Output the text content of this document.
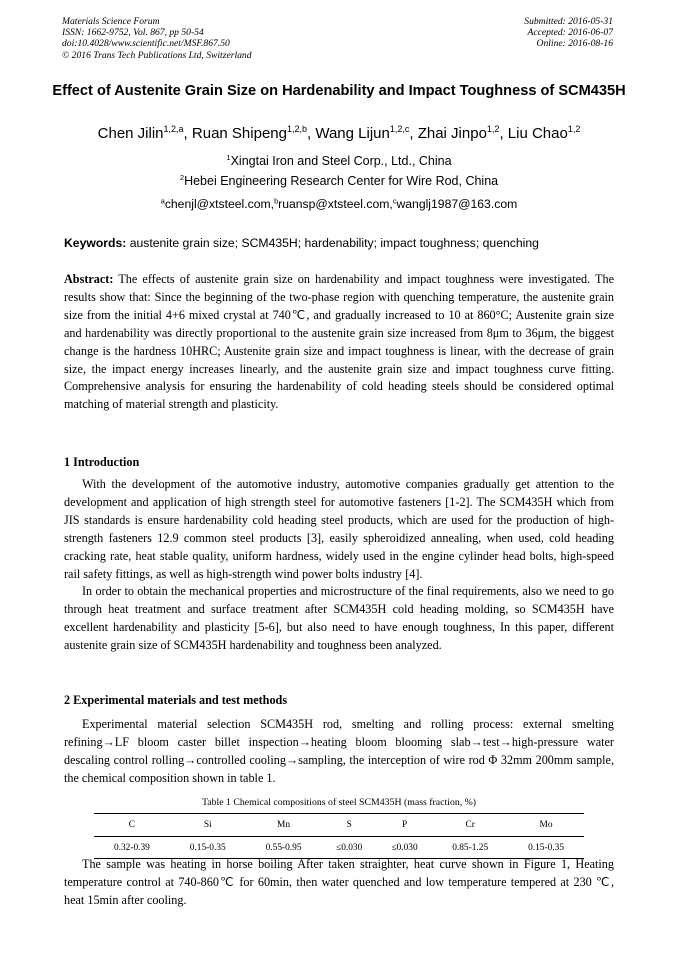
Materials Science Forum
ISSN: 1662-9752, Vol. 867, pp 50-54
doi:10.4028/www.scientific.net/MSF.867.50
© 2016 Trans Tech Publications Ltd, Switzerland
Submitted: 2016-05-31
Accepted: 2016-06-07
Online: 2016-08-16
Effect of Austenite Grain Size on Hardenability and Impact Toughness of SCM435H
Chen Jilin$^{1,2,a}$, Ruan Shipeng$^{1,2,b}$, Wang Lijun$^{1,2,c}$, Zhai Jinpo$^{1,2}$, Liu Chao$^{1,2}$
$^1$Xingtai Iron and Steel Corp., Ltd., China
$^2$Hebei Engineering Research Center for Wire Rod, China
$^a$chenjl@xtsteel.com,$^b$ruansp@xtsteel.com,$^c$wanglj1987@163.com
Keywords: austenite grain size; SCM435H; hardenability; impact toughness; quenching

Abstract: The effects of austenite grain size on hardenability and impact toughness were investigated. The results show that: Since the beginning of the two-phase region with quenching temperature, the austenite grain size from the initial 4+6 mixed crystal at 740℃, and gradually increased to 10 at 860°C; Austenite grain size and hardenability was directly proportional to the austenite grain size increased from 8μm to 36μm, the biggest change is the hardness 10HRC; Austenite grain size and impact toughness is linear, with the decrease of grain size, the impact energy increases linearly, and the austenite grain size and impact toughness curve fitting. Comprehensive analysis for ensuring the hardenability of cold heading steels should be considered optimal matching of material strength and plasticity.

1 Introduction

With the development of the automotive industry, automotive companies gradually get attention to the development and application of high strength steel for automotive fasteners [1-2]. The SCM435H which from JIS standards is ensure hardenability cold heading steel products, which are used for the production of high-strength fasteners 12.9 common steel products [3], easily spheroidized annealing, when used, cold heading cracking rate, heat stable quality, uniform hardness, widely used in the engine cylinder head bolts, high-speed rail safety fittings, as well as high-strength wind power bolts industry [4].

In order to obtain the mechanical properties and microstructure of the final requirements, also we need to go through heat treatment and surface treatment after SCM435H cold heading molding, so SCM435H have excellent hardenability and plasticity [5-6], but also need to have enough toughness, In this paper, different austenite grain size of SCM435H hardenability and toughness been analyzed.

2 Experimental materials and test methods

Experimental material selection SCM435H rod, smelting and rolling process: external smelting refining→LF bloom caster billet inspection→heating bloom blooming slab→test→high-pressure water descaling control rolling→controlled cooling→sampling, the interception of wire rod Φ 32mm 200mm sample, the chemical composition shown in table 1.

Table 1 Chemical compositions of steel SCM435H (mass fraction, %)
C	Si	Mn	S	P	Cr	Mo
0.32-0.39	0.15-0.35	0.55-0.95	≤0.030	≤0.030	0.85-1.25	0.15-0.35

The sample was heating in horse boiling After taken straighter, heat curve shown in Figure 1, Heating temperature control at 740-860℃ for 60min, then water quenched and low temperature tempered at 230 ℃, heat 15min after cooling.
